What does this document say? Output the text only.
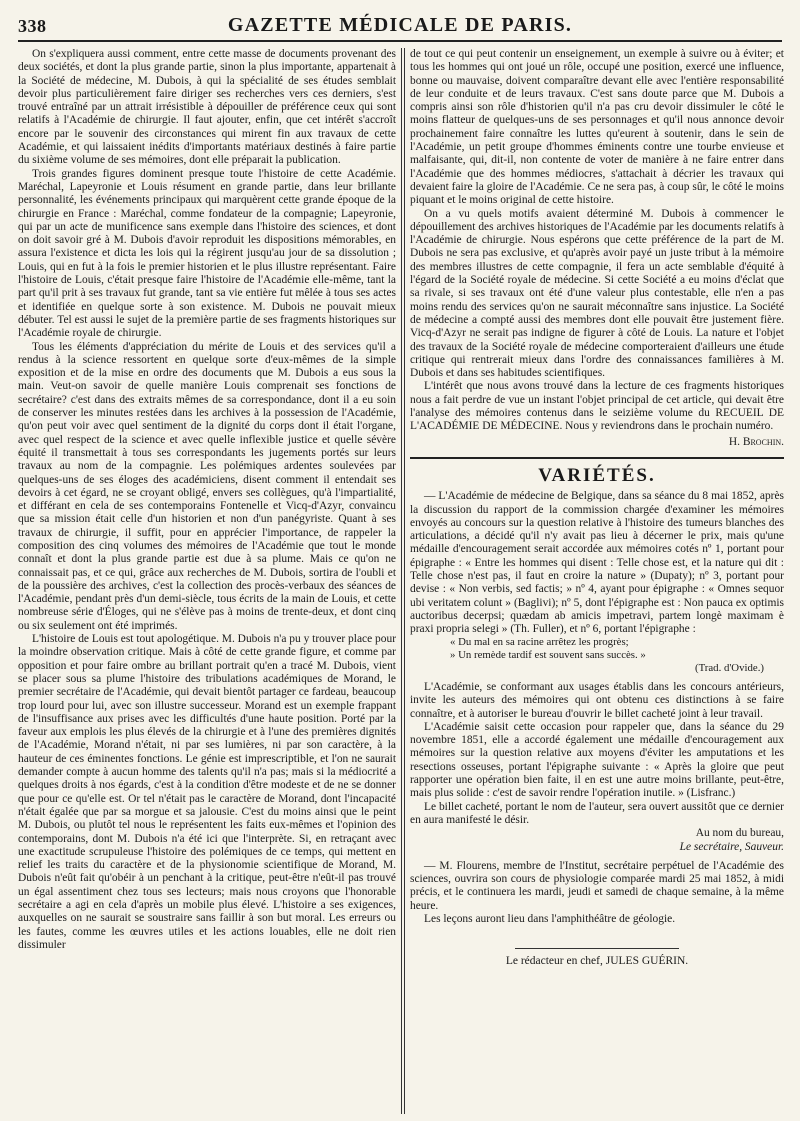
338	GAZETTE MÉDICALE DE PARIS.

On s'expliquera aussi comment, entre cette masse de documents provenant des deux sociétés, et dont la plus grande partie, sinon la plus importante, appartenait à la Société de médecine, M. Dubois, à qui la spécialité de ses études semblait devoir plus particulièrement faire diriger ses recherches vers ces derniers, s'est trouvé entraîné par un attrait irrésistible à dépouiller de préférence ceux qui sont relatifs à l'Académie de chirurgie. Il faut ajouter, enfin, que cet intérêt s'accroît encore par le souvenir des circonstances qui mirent fin aux travaux de cette Académie, et qui laissaient inédits d'importants matériaux destinés à faire partie du sixième volume de ses mémoires, dont elle préparait la publication.

Trois grandes figures dominent presque toute l'histoire de cette Académie. Maréchal, Lapeyronie et Louis résument en grande partie, dans leur brillante personnalité, les événements principaux qui marquèrent cette grande époque de la chirurgie en France : Maréchal, comme fondateur de la compagnie; Lapeyronie, qui par un acte de munificence sans exemple dans l'histoire des sciences, et dont on doit savoir gré à M. Dubois d'avoir reproduit les dispositions mémorables, en assura l'existence et dicta les lois qui la régirent jusqu'au jour de sa dissolution ; Louis, qui en fut à la fois le premier historien et le plus illustre représentant. Faire l'histoire de Louis, c'était presque faire l'histoire de l'Académie elle-même, tant la part qu'il prit à ses travaux fut grande, tant sa vie entière fut mêlée à tous ses actes et identifiée en quelque sorte à son existence. M. Dubois ne pouvait mieux débuter. Tel est aussi le sujet de la première partie de ses fragments historiques sur l'Académie royale de chirurgie.

Tous les éléments d'appréciation du mérite de Louis et des services qu'il a rendus à la science ressortent en quelque sorte d'eux-mêmes de la simple exposition et de la mise en ordre des documents que M. Dubois a eus sous la main. Veut-on savoir de quelle manière Louis comprenait ses fonctions de secrétaire? c'est dans des extraits mêmes de sa correspondance, dont il a eu soin de conserver les minutes restées dans les archives à la possession de l'Académie, qu'on peut voir avec quel sentiment de la dignité du corps dont il était l'organe, avec quel respect de la science et avec quelle inflexible justice et quelle sévère équité il transmettait à tous ses correspondants les jugements portés sur leurs travaux au nom de la compagnie. Les polémiques ardentes soulevées par quelques-uns de ses éloges des académiciens, disent comment il entendait ses devoirs à cet égard, ne se croyant obligé, envers ses collègues, qu'à l'impartialité, et différant en cela de ses contemporains Fontenelle et Vicq-d'Azyr, convaincu que sa mission était celle d'un historien et non d'un panégyriste. Quant à ses travaux de chirurgie, il suffit, pour en apprécier l'importance, de rappeler la composition des cinq volumes des mémoires de l'Académie que tout le monde connaît et dont la plus grande partie est due à sa plume. Mais ce qu'on ne connaissait pas, et ce qui, grâce aux recherches de M. Dubois, sortira de l'oubli et de la poussière des archives, c'est la collection des procès-verbaux des séances de l'Académie, pendant près d'un demi-siècle, tous écrits de la main de Louis, et cette nombreuse série d'Éloges, qui ne s'élève pas à moins de trente-deux, et dont cinq ou six seulement ont été imprimés.

L'histoire de Louis est tout apologétique. M. Dubois n'a pu y trouver place pour la moindre observation critique. Mais à côté de cette grande figure, et comme par opposition et pour faire ombre au brillant portrait qu'en a tracé M. Dubois, vient se placer sous sa plume l'histoire des tribulations académiques de Morand, le premier secrétaire de l'Académie, qui devait bientôt partager ce fardeau, beaucoup trop lourd pour lui, avec son illustre successeur. Morand est un exemple frappant de l'insuffisance aux prises avec les difficultés d'une haute position. Porté par la faveur aux emplois les plus élevés de la chirurgie et à l'une des premières dignités de l'Académie, Morand n'était, ni par ses lumières, ni par son caractère, à la hauteur de ces éminentes fonctions. Le génie est imprescriptible, et l'on ne saurait demander compte à aucun homme des talents qu'il n'a pas; mais si la médiocrité a quelques droits à nos égards, c'est à la condition d'être modeste et de ne se donner que pour ce qu'elle est. Or tel n'était pas le caractère de Morand, dont l'incapacité n'était égalée que par sa morgue et sa jalousie. C'est du moins ainsi que le peint M. Dubois, ou plutôt tel nous le représentent les faits eux-mêmes et l'opinion des contemporains, dont M. Dubois n'a été ici que l'interprète. Si, en retraçant avec une exactitude scrupuleuse l'histoire des polémiques de ce temps, qui mettent en relief les traits du caractère et de la physionomie scientifique de Morand, M. Dubois n'eût fait qu'obéir à un penchant à la critique, peut-être n'eût-il pas trouvé un égal assentiment chez tous ses lecteurs; mais nous croyons que l'honorable secrétaire a agi en cela d'après un mobile plus élevé. L'histoire a ses exigences, auxquelles on ne saurait se soustraire sans faillir à son but moral. Les erreurs ou les fautes, comme les œuvres utiles et les actions louables, elle ne doit rien dissimuler

de tout ce qui peut contenir un enseignement, un exemple à suivre ou à éviter; et tous les hommes qui ont joué un rôle, occupé une position, exercé une influence, bonne ou mauvaise, doivent comparaître devant elle avec l'entière responsabilité de leur conduite et de leurs travaux. C'est sans doute parce que M. Dubois a compris ainsi son rôle d'historien qu'il n'a pas cru devoir dissimuler le côté le moins flatteur de quelques-uns de ses personnages et qu'il nous annonce devoir prochainement faire connaître les luttes qu'eurent à soutenir, dans le sein de l'Académie, un petit groupe d'hommes éminents contre une tourbe envieuse et malfaisante, qui, dit-il, non contente de voter de manière à ne faire entrer dans l'Académie que des hommes médiocres, s'attachait à décrier les travaux qui devaient faire la gloire de l'Académie. Ce ne sera pas, à coup sûr, le côté le moins piquant et le moins original de cette histoire.

On a vu quels motifs avaient déterminé M. Dubois à commencer le dépouillement des archives historiques de l'Académie par les documents relatifs à l'Académie de chirurgie. Nous espérons que cette préférence de la part de M. Dubois ne sera pas exclusive, et qu'après avoir payé un juste tribut à la mémoire des membres illustres de cette compagnie, il fera un acte semblable d'équité à l'égard de la Société royale de médecine. Si cette Société a eu moins d'éclat que sa rivale, si ses travaux ont été d'une valeur plus contestable, elle n'en a pas moins rendu des services qu'on ne saurait méconnaître sans injustice. La Société de médecine a compté aussi des membres dont elle pouvait être justement fière. Vicq-d'Azyr ne serait pas indigne de figurer à côté de Louis. La nature et l'objet des travaux de la Société royale de médecine comporteraient d'ailleurs une étude critique qui rentrerait mieux dans l'ordre des connaissances familières à M. Dubois et dans ses habitudes scientifiques.

L'intérêt que nous avons trouvé dans la lecture de ces fragments historiques nous a fait perdre de vue un instant l'objet principal de cet article, qui devait être l'analyse des mémoires contenus dans le seizième volume du RECUEIL DE L'ACADÉMIE DE MÉDECINE. Nous y reviendrons dans le prochain numéro.

H. Brochin.
VARIÉTÉS.

— L'Académie de médecine de Belgique, dans sa séance du 8 mai 1852, après la discussion du rapport de la commission chargée d'examiner les mémoires envoyés au concours sur la question relative à l'histoire des tumeurs blanches des articulations, a décidé qu'il n'y avait pas lieu à décerner le prix, mais qu'une médaille d'encouragement serait accordée aux mémoires cotés nº 1, portant pour épigraphe : « Entre les hommes qui disent : Telle chose est, et la nature qui dit : Telle chose n'est pas, il faut en croire la nature » (Dupaty); nº 3, portant pour devise : « Non verbis, sed factis; » nº 4, ayant pour épigraphe : « Omnes sequor ubi veritatem colunt » (Baglivi); nº 5, dont l'épigraphe est : Non pauca ex optimis auctoribus decerpsi; quædam ab amicis impetravi, partem longè maximam è praxi propria selegi » (Th. Fuller), et nº 6, portant l'épigraphe :

« Du mal en sa racine arrêtez les progrès;

» Un remède tardif est souvent sans succès. »

(Trad. d'Ovide.)

L'Académie, se conformant aux usages établis dans les concours antérieurs, invite les auteurs des mémoires qui ont obtenu ces distinctions à se faire connaître, et à autoriser le bureau d'ouvrir le billet cacheté joint à leur travail.

L'Académie saisit cette occasion pour rappeler que, dans la séance du 29 novembre 1851, elle a accordé également une médaille d'encouragement aux mémoires sur la question relative aux moyens d'éviter les amputations et les resections osseuses, portant l'épigraphe suivante : « Après la gloire que peut rapporter une opération bien faite, il en est une autre moins brillante, peut-être, mais plus solide : c'est de savoir rendre l'opération inutile. » (Lisfranc.)

Le billet cacheté, portant le nom de l'auteur, sera ouvert aussitôt que ce dernier en aura manifesté le désir.

Au nom du bureau,

Le secrétaire, Sauveur.

— M. Flourens, membre de l'Institut, secrétaire perpétuel de l'Académie des sciences, ouvrira son cours de physiologie comparée mardi 25 mai 1852, à midi précis, et le continuera les mardi, jeudi et samedi de chaque semaine, à la même heure.

Les leçons auront lieu dans l'amphithéâtre de géologie.

Le rédacteur en chef, JULES GUÉRIN.
